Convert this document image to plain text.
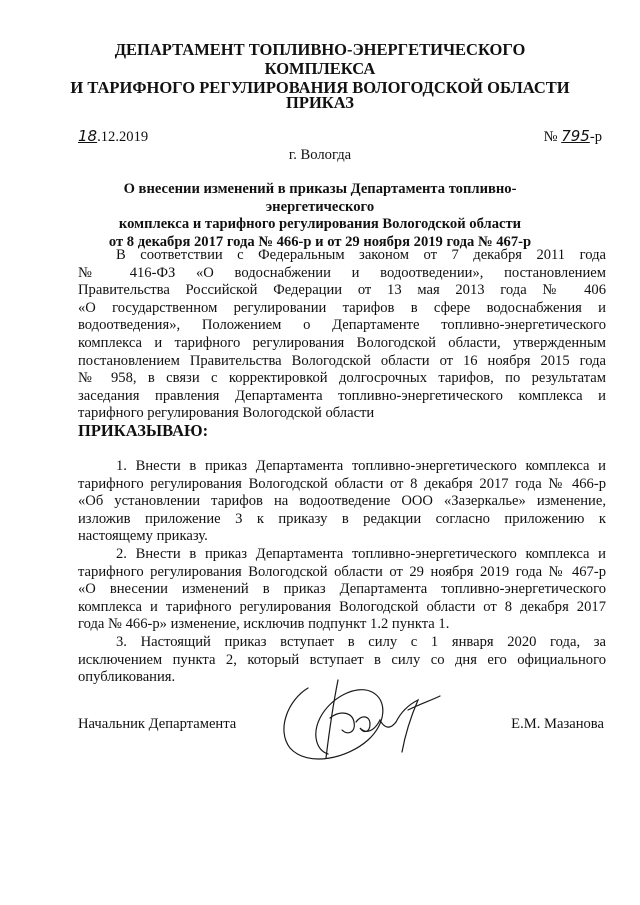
ДЕПАРТАМЕНТ ТОПЛИВНО-ЭНЕРГЕТИЧЕСКОГО КОМПЛЕКСА
И ТАРИФНОГО РЕГУЛИРОВАНИЯ ВОЛОГОДСКОЙ ОБЛАСТИ
ПРИКАЗ
18.12.2019	№ 795-р
г. Вологда
О внесении изменений в приказы Департамента топливно-энергетического
комплекса и тарифного регулирования Вологодской области
от 8 декабря 2017 года № 466-р и от 29 ноября 2019 года № 467-р
В соответствии с Федеральным законом от 7 декабря 2011 года
№ 416-ФЗ «О водоснабжении и водоотведении», постановлением
Правительства Российской Федерации от 13 мая 2013 года № 406
«О государственном регулировании тарифов в сфере водоснабжения и
водоотведения», Положением о Департаменте топливно-энергетического
комплекса и тарифного регулирования Вологодской области, утвержденным
постановлением Правительства Вологодской области от 16 ноября 2015 года
№ 958, в связи с корректировкой долгосрочных тарифов, по результатам
заседания правления Департамента топливно-энергетического комплекса и
тарифного регулирования Вологодской области
ПРИКАЗЫВАЮ:
1. Внести в приказ Департамента топливно-энергетического комплекса и
тарифного регулирования Вологодской области от 8 декабря 2017 года № 466-р
«Об установлении тарифов на водоотведение ООО «Зазеркалье» изменение,
изложив приложение 3 к приказу в редакции согласно приложению к
настоящему приказу.
2. Внести в приказ Департамента топливно-энергетического комплекса и
тарифного регулирования Вологодской области от 29 ноября 2019 года № 467-р
«О внесении изменений в приказ Департамента топливно-энергетического
комплекса и тарифного регулирования Вологодской области от 8 декабря 2017
года № 466-р» изменение, исключив подпункт 1.2 пункта 1.
3. Настоящий приказ вступает в силу с 1 января 2020 года, за
исключением пункта 2, который вступает в силу со дня его официального
опубликования.
Начальник Департамента	Е.М. Мазанова
